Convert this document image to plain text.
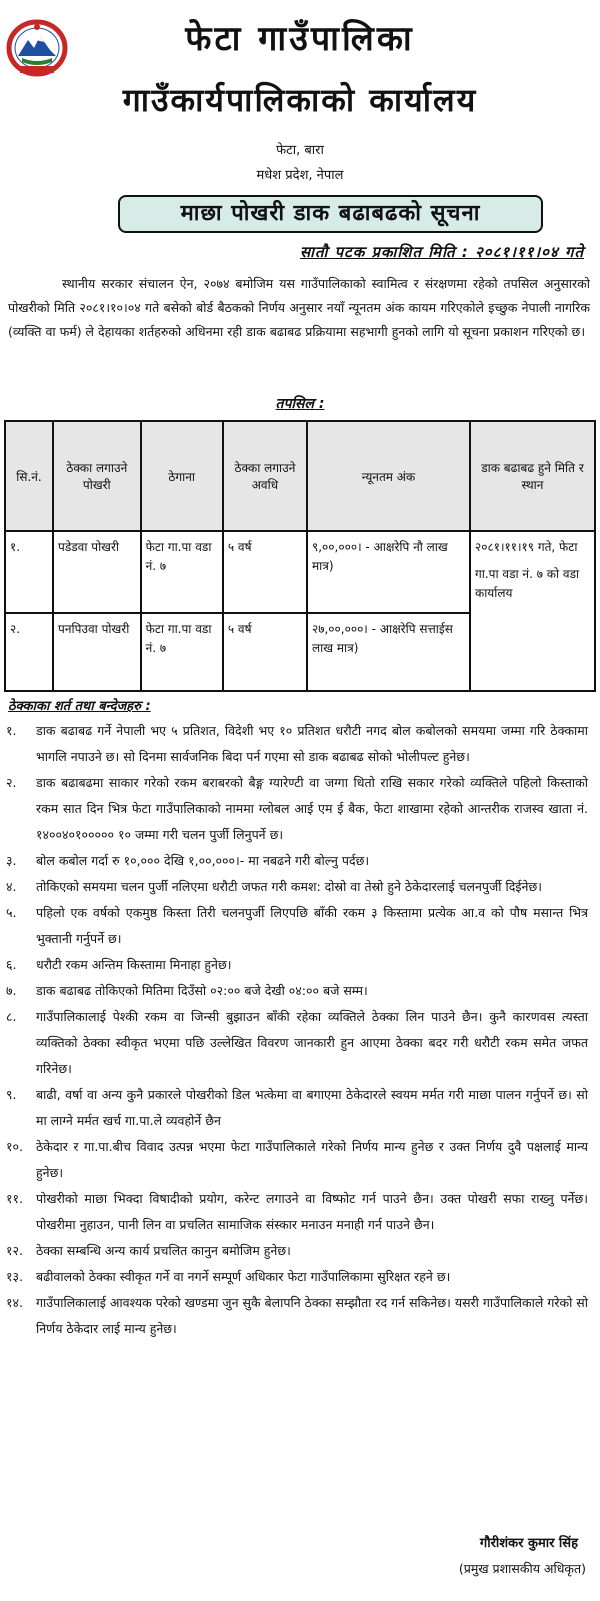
फेटा गाउँपालिका
गाउँकार्यपालिकाको कार्यालय
फेटा, बारा
मधेश प्रदेश, नेपाल
माछा पोखरी डाक बढाबढको सूचना
सातौ पटक प्रकाशित मिति : २०८१।११।०४ गते
स्थानीय सरकार संचालन ऐन, २०७४ बमोजिम यस गाउँपालिकाको स्वामित्व र संरक्षणमा रहेको तपसिल अनुसारको पोखरीको मिति २०८१।१०।०४ गते बसेको बोर्ड बैठकको निर्णय अनुसार नयाँ न्यूनतम अंक कायम गरिएकोले इच्छुक नेपाली नागरिक (व्यक्ति वा फर्म) ले देहायका शर्तहरुको अधिनमा रही डाक बढाबढ प्रक्रियामा सहभागी हुनको लागि यो सूचना प्रकाशन गरिएको छ।
तपसिल :
सि.नं.	ठेक्का लगाउने पोखरी	ठेगाना	ठेक्का लगाउने अवधि	न्यूनतम अंक	डाक बढाबढ हुने मिति र स्थान
१.	पडेडवा पोखरी	फेटा गा.पा वडा नं. ७	५ वर्ष	९,००,०००। - आक्षरेपि नौ लाख मात्र)	२०८१।११।१९ गते, फेटा
गा.पा वडा नं. ७ को वडा कार्यालय

२.	पनपिउवा पोखरी	फेटा गा.पा वडा नं. ७	५ वर्ष	२७,००,०००। - आक्षरेपि सत्ताईस लाख मात्र)	
ठेक्काका शर्त तथा बन्देजहरु :
१.	डाक बढाबढ गर्ने नेपाली भए ५ प्रतिशत, विदेशी भए १० प्रतिशत धरौटी नगद बोल कबोलको समयमा जम्मा गरि ठेक्कामा भागलि नपाउने छ। सो दिनमा सार्वजनिक बिदा पर्न गएमा सो डाक बढाबढ सोको भोलीपल्ट हुनेछ।
२.	डाक बढाबढमा साकार गरेको रकम बराबरको बैङ्ग ग्यारेण्टी वा जग्गा धितो राखि सकार गरेको व्यक्तिले पहिलो किस्ताको रकम सात दिन भित्र फेटा गाउँपालिकाको नाममा ग्लोबल आई एम ई बैक, फेटा शाखामा रहेको आन्तरीक राजस्व खाता नं. १४००४०१००००० १० जम्मा गरी चलन पुर्जी लिनुपर्ने छ।
३.	बोल कबोल गर्दा रु १०,००० देखि १,००,०००।- मा नबढने गरी बोल्नु पर्दछ।
४.	तोकिएको समयमा चलन पुर्जी नलिएमा धरौटी जफत गरी कमश: दोस्रो वा तेस्रो हुने ठेकेदारलाई चलनपुर्जी दिईनेछ।
५.	पहिलो एक वर्षको एकमुष्ठ किस्ता तिरी चलनपुर्जी लिएपछि बाँकी रकम ३ किस्तामा प्रत्येक आ.व को पौष मसान्त भित्र भुक्तानी गर्नुपर्ने छ।
६.	धरौटी रकम अन्तिम किस्तामा मिनाहा हुनेछ।
७.	डाक बढाबढ तोकिएको मितिमा दिउँसो ०२:०० बजे देखी ०४:०० बजे सम्म।
८.	गाउँपालिकालाई पेश्की रकम वा जिन्सी बुझाउन बाँकी रहेका व्यक्तिले ठेक्का लिन पाउने छैन। कुनै कारणवस त्यस्ता व्यक्तिको ठेक्का स्वीकृत भएमा पछि उल्लेखित विवरण जानकारी हुन आएमा ठेक्का बदर गरी धरौटी रकम समेत जफत गरिनेछ।
९.	बाढी, वर्षा वा अन्य कुनै प्रकारले पोखरीको डिल भत्केमा वा बगाएमा ठेकेदारले स्वयम मर्मत गरी माछा पालन गर्नुपर्ने छ। सो मा लाग्ने मर्मत खर्च गा.पा.ले व्यवहोर्ने छैन
१०.	ठेकेदार र गा.पा.बीच विवाद उत्पन्न भएमा फेटा गाउँपालिकाले गरेको निर्णय मान्य हुनेछ र उक्त निर्णय दुवै पक्षलाई मान्य हुनेछ।
११.	पोखरीको माछा भिक्दा विषादीको प्रयोग, करेन्ट लगाउने वा विष्फोट गर्न पाउने छैन। उक्त पोखरी सफा राख्नु पर्नेछ। पोखरीमा नुहाउन, पानी लिन वा प्रचलित सामाजिक संस्कार मनाउन मनाही गर्न पाउने छैन।
१२.	ठेक्का सम्बन्धि अन्य कार्य प्रचलित कानुन बमोजिम हुनेछ।
१३.	बढीवालको ठेक्का स्वीकृत गर्ने वा नगर्ने सम्पूर्ण अधिकार फेटा गाउँपालिकामा सुरिक्षत रहने छ।
१४.	गाउँपालिकालाई आवश्यक परेको खण्डमा जुन सुकै बेलापनि ठेक्का सम्झौता रद गर्न सकिनेछ। यसरी गाउँपालिकाले गरेको सो निर्णय ठेकेदार लाई मान्य हुनेछ।
गौरीशंकर कुमार सिंह
(प्रमुख प्रशासकीय अधिकृत)
